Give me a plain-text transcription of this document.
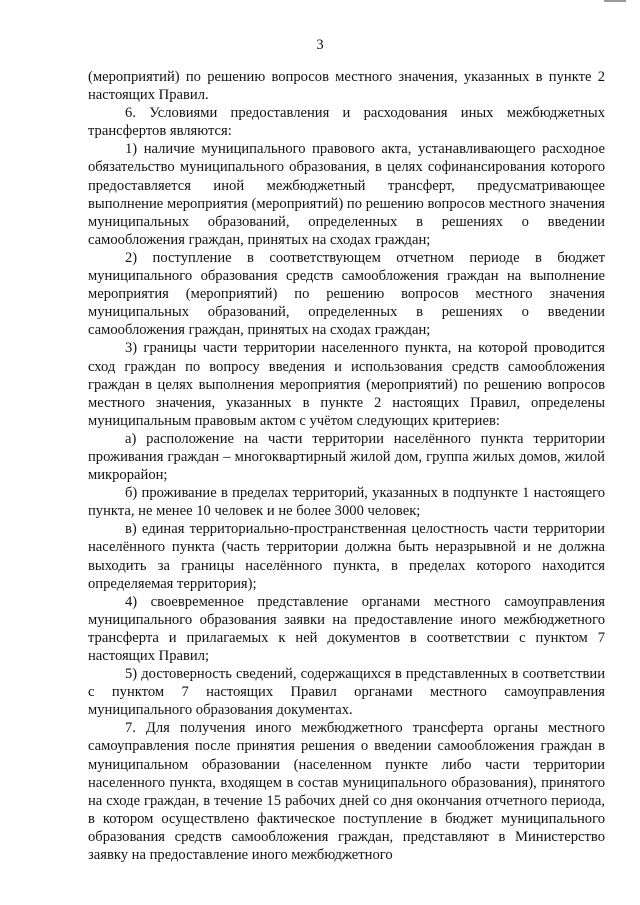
3

(мероприятий) по решению вопросов местного значения, указанных в пункте 2 настоящих Правил.

6. Условиями предоставления и расходования иных межбюджетных трансфертов являются:

1) наличие муниципального правового акта, устанавливающего расходное обязательство муниципального образования, в целях софинансирования которого предоставляется иной межбюджетный трансферт, предусматривающее выполнение мероприятия (мероприятий) по решению вопросов местного значения муниципальных образований, определенных в решениях о введении самообложения граждан, принятых на сходах граждан;

2) поступление в соответствующем отчетном периоде в бюджет муниципального образования средств самообложения граждан на выполнение мероприятия (мероприятий) по решению вопросов местного значения муниципальных образований, определенных в решениях о введении самообложения граждан, принятых на сходах граждан;

3) границы части территории населенного пункта, на которой проводится сход граждан по вопросу введения и использования средств самообложения граждан в целях выполнения мероприятия (мероприятий) по решению вопросов местного значения, указанных в пункте 2 настоящих Правил, определены муниципальным правовым актом с учётом следующих критериев:

а) расположение на части территории населённого пункта территории проживания граждан – многоквартирный жилой дом, группа жилых домов, жилой микрорайон;

б) проживание в пределах территорий, указанных в подпункте 1 настоящего пункта, не менее 10 человек и не более 3000 человек;

в) единая территориально-пространственная целостность части территории населённого пункта (часть территории должна быть неразрывной и не должна выходить за границы населённого пункта, в пределах которого находится определяемая территория);

4) своевременное представление органами местного самоуправления муниципального образования заявки на предоставление иного межбюджетного трансферта и прилагаемых к ней документов в соответствии с пунктом 7 настоящих Правил;

5) достоверность сведений, содержащихся в представленных в соответствии с пунктом 7 настоящих Правил органами местного самоуправления муниципального образования документах.

7. Для получения иного межбюджетного трансферта органы местного самоуправления после принятия решения о введении самообложения граждан в муниципальном образовании (населенном пункте либо части территории населенного пункта, входящем в состав муниципального образования), принятого на сходе граждан, в течение 15 рабочих дней со дня окончания отчетного периода, в котором осуществлено фактическое поступление в бюджет муниципального образования средств самообложения граждан, представляют в Министерство заявку на предоставление иного межбюджетного
